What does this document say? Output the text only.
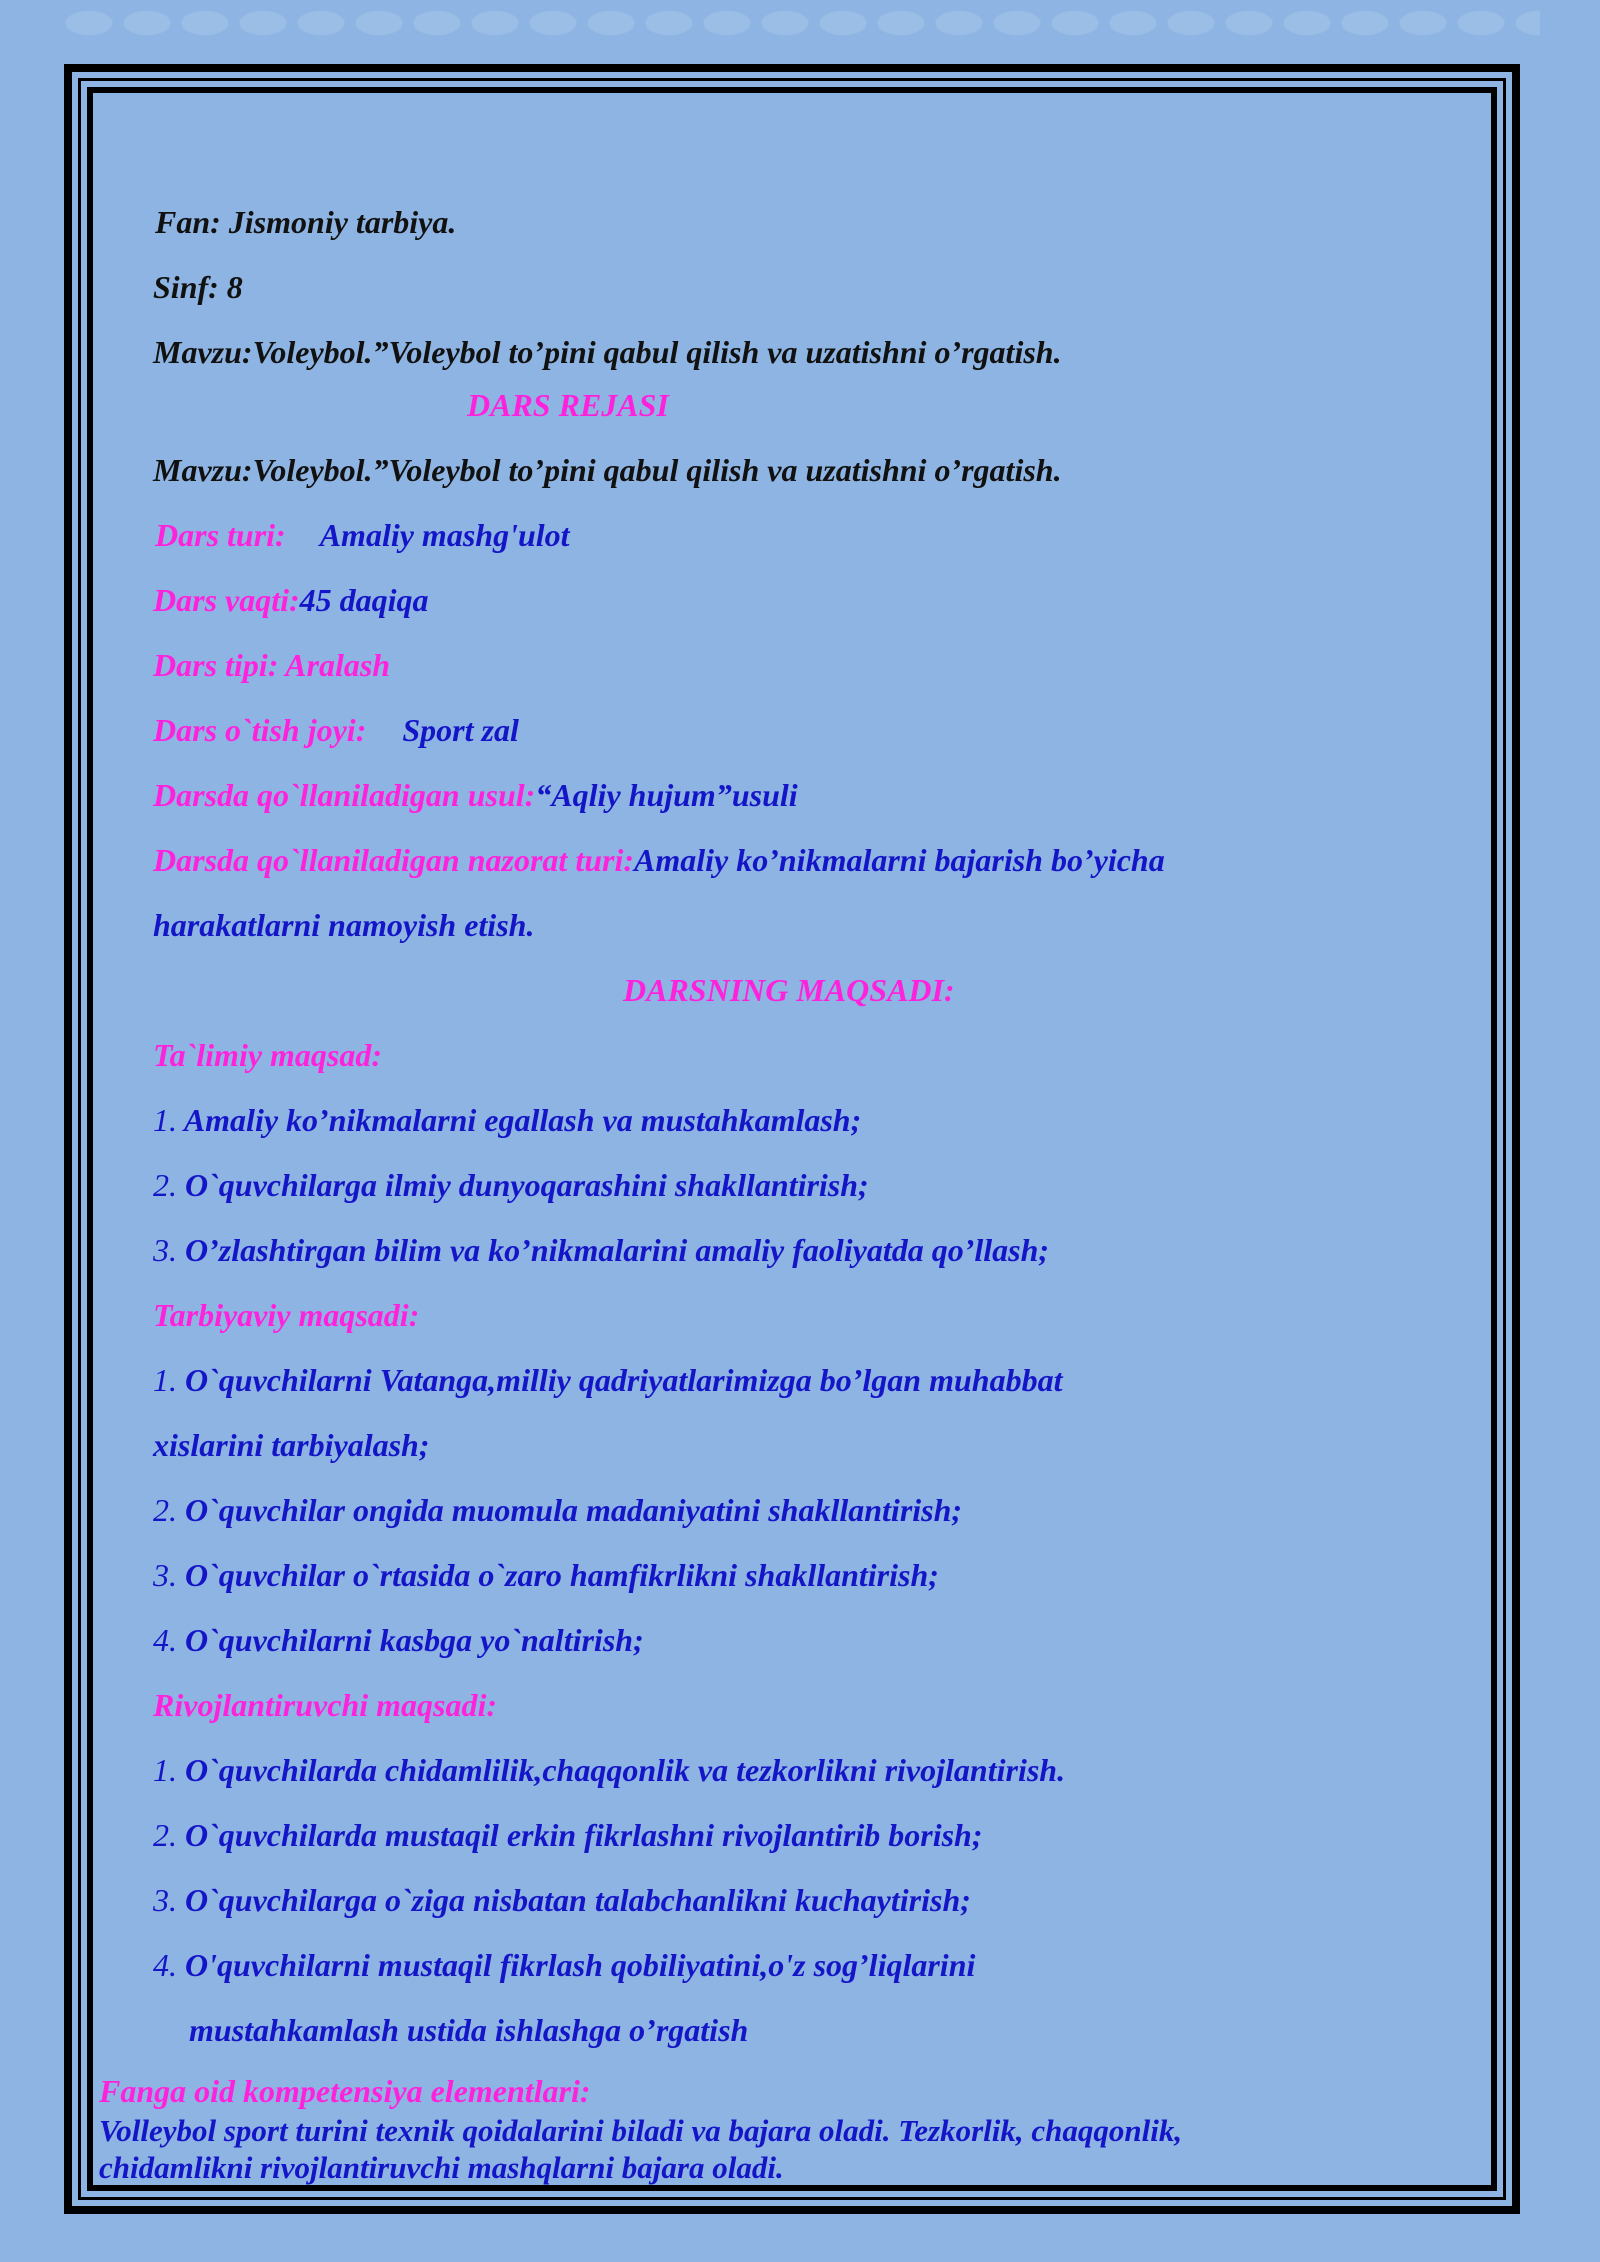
Fan: Jismoniy tarbiya.
Sinf: 8
Mavzu:Voleybol.”Voleybol to’pini qabul qilish va uzatishni o’rgatish.
DARS REJASI
Mavzu:Voleybol.”Voleybol to’pini qabul qilish va uzatishni o’rgatish.
Dars turi: Amaliy mashg'ulot
Dars vaqti:45 daqiqa
Dars tipi: Aralash
Dars o`tish joyi: Sport zal
Darsda qo`llaniladigan usul:“Aqliy hujum”usuli
Darsda qo`llaniladigan nazorat turi:Amaliy ko’nikmalarni bajarish bo’yicha
harakatlarni namoyish etish.
DARSNING MAQSADI:
Ta`limiy maqsad:
1. Amaliy ko’nikmalarni egallash va mustahkamlash;
2. O`quvchilarga ilmiy dunyoqarashini shakllantirish;
3. O’zlashtirgan bilim va ko’nikmalarini amaliy faoliyatda qo’llash;
Tarbiyaviy maqsadi:
1. O`quvchilarni Vatanga,milliy qadriyatlarimizga bo’lgan muhabbat
xislarini tarbiyalash;
2. O`quvchilar ongida muomula madaniyatini shakllantirish;
3. O`quvchilar o`rtasida o`zaro hamfikrlikni shakllantirish;
4. O`quvchilarni kasbga yo`naltirish;
Rivojlantiruvchi maqsadi:
1. O`quvchilarda chidamlilik,chaqqonlik va tezkorlikni rivojlantirish.
2. O`quvchilarda mustaqil erkin fikrlashni rivojlantirib borish;
3. O`quvchilarga o`ziga nisbatan talabchanlikni kuchaytirish;
4. O'quvchilarni mustaqil fikrlash qobiliyatini,o'z sog’liqlarini
mustahkamlash ustida ishlashga o’rgatish
Fanga oid kompetensiya elementlari:
Volleybol sport turini texnik qoidalarini biladi va bajara oladi. Tezkorlik, chaqqonlik,
chidamlikni rivojlantiruvchi mashqlarni bajara oladi.
